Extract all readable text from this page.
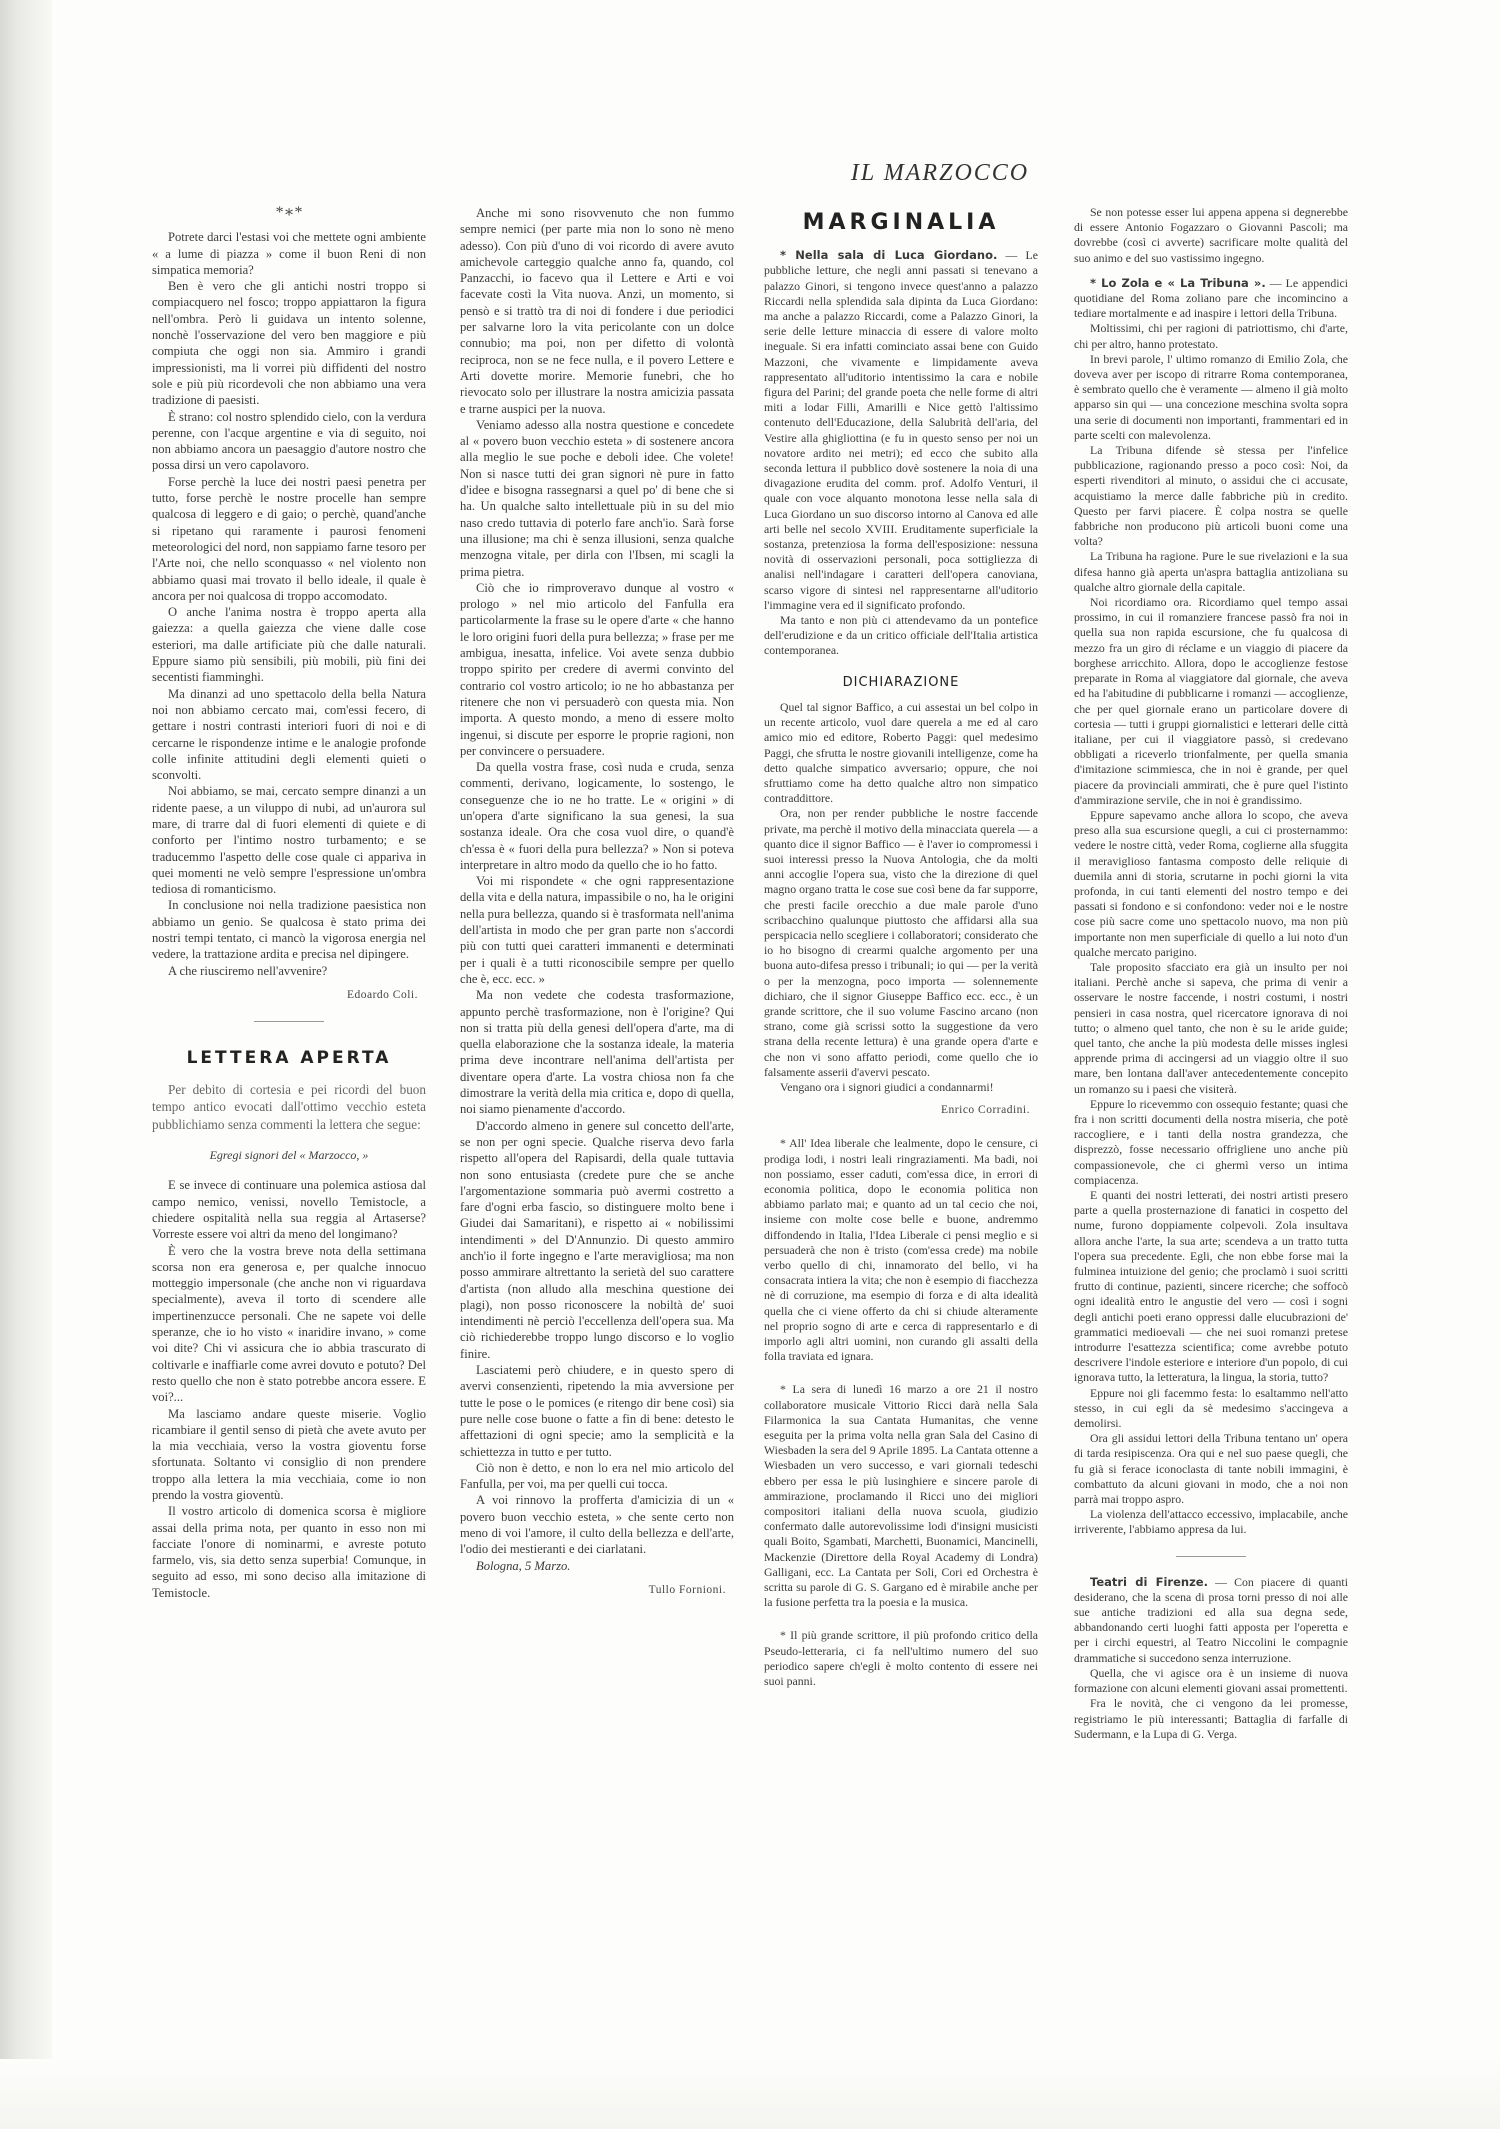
IL MARZOCCO
*∗*

Potrete darci l'estasi voi che mettete ogni ambiente « a lume di piazza » come il buon Reni di non simpatica memoria?

Ben è vero che gli antichi nostri troppo si compiacquero nel fosco; troppo appiattaron la figura nell'ombra. Però li guidava un intento solenne, nonchè l'osservazione del vero ben maggiore e più compiuta che oggi non sia. Ammiro i grandi impressionisti, ma li vorrei più diffidenti del nostro sole e più più ricordevoli che non abbiamo una vera tradizione di paesisti.

È strano: col nostro splendido cielo, con la verdura perenne, con l'acque argentine e via di seguito, noi non abbiamo ancora un paesaggio d'autore nostro che possa dirsi un vero capolavoro.

Forse perchè la luce dei nostri paesi penetra per tutto, forse perchè le nostre procelle han sempre qualcosa di leggero e di gaio; o perchè, quand'anche si ripetano qui raramente i paurosi fenomeni meteorologici del nord, non sappiamo farne tesoro per l'Arte noi, che nello sconquasso « nel violento non abbiamo quasi mai trovato il bello ideale, il quale è ancora per noi qualcosa di troppo accomodato.

O anche l'anima nostra è troppo aperta alla gaiezza: a quella gaiezza che viene dalle cose esteriori, ma dalle artificiate più che dalle naturali. Eppure siamo più sensibili, più mobili, più fini dei secentisti fiamminghi.

Ma dinanzi ad uno spettacolo della bella Natura noi non abbiamo cercato mai, com'essi fecero, di gettare i nostri contrasti interiori fuori di noi e di cercarne le rispondenze intime e le analogie profonde colle infinite attitudini degli elementi quieti o sconvolti.

Noi abbiamo, se mai, cercato sempre dinanzi a un ridente paese, a un viluppo di nubi, ad un'aurora sul mare, di trarre dal di fuori elementi di quiete e di conforto per l'intimo nostro turbamento; e se traducemmo l'aspetto delle cose quale ci appariva in quei momenti ne velò sempre l'espressione un'ombra tediosa di romanticismo.

In conclusione noi nella tradizione paesistica non abbiamo un genio. Se qualcosa è stato prima dei nostri tempi tentato, ci mancò la vigorosa energia nel vedere, la trattazione ardita e precisa nel dipingere.

A che riusciremo nell'avvenire?

Edoardo Coli.
LETTERA APERTA

Per debito di cortesia e pei ricordi del buon tempo antico evocati dall'ottimo vecchio esteta pubblichiamo senza commenti la lettera che segue:

Egregi signori del « Marzocco, »

E se invece di continuare una polemica astiosa dal campo nemico, venissi, novello Temistocle, a chiedere ospitalità nella sua reggia al Artaserse? Vorreste essere voi altri da meno del longimano?

È vero che la vostra breve nota della settimana scorsa non era generosa e, per qualche innocuo motteggio impersonale (che anche non vi riguardava specialmente), aveva il torto di scendere alle impertinenzucce personali. Che ne sapete voi delle speranze, che io ho visto « inaridire invano, » come voi dite? Chi vi assicura che io abbia trascurato di coltivarle e inaffiarle come avrei dovuto e potuto? Del resto quello che non è stato potrebbe ancora essere. E voi?...

Ma lasciamo andare queste miserie. Voglio ricambiare il gentil senso di pietà che avete avuto per la mia vecchiaia, verso la vostra gioventu forse sfortunata. Soltanto vi consiglio di non prendere troppo alla lettera la mia vecchiaia, come io non prendo la vostra gioventù.

Il vostro articolo di domenica scorsa è migliore assai della prima nota, per quanto in esso non mi facciate l'onore di nominarmi, e avreste potuto farmelo, vis, sia detto senza superbia! Comunque, in seguito ad esso, mi sono deciso alla imitazione di Temistocle.

Anche mi sono risovvenuto che non fummo sempre nemici (per parte mia non lo sono nè meno adesso). Con più d'uno di voi ricordo di avere avuto amichevole carteggio qualche anno fa, quando, col Panzacchi, io facevo qua il Lettere e Arti e voi facevate costì la Vita nuova. Anzi, un momento, si pensò e si trattò tra di noi di fondere i due periodici per salvarne loro la vita pericolante con un dolce connubio; ma poi, non per difetto di volontà reciproca, non se ne fece nulla, e il povero Lettere e Arti dovette morire. Memorie funebri, che ho rievocato solo per illustrare la nostra amicizia passata e trarne auspici per la nuova.

Veniamo adesso alla nostra questione e concedete al « povero buon vecchio esteta » di sostenere ancora alla meglio le sue poche e deboli idee. Che volete! Non si nasce tutti dei gran signori nè pure in fatto d'idee e bisogna rassegnarsi a quel po' di bene che si ha. Un qualche salto intellettuale più in su del mio naso credo tuttavia di poterlo fare anch'io. Sarà forse una illusione; ma chi è senza illusioni, senza qualche menzogna vitale, per dirla con l'Ibsen, mi scagli la prima pietra.

Ciò che io rimproveravo dunque al vostro « prologo » nel mio articolo del Fanfulla era particolarmente la frase su le opere d'arte « che hanno le loro origini fuori della pura bellezza; » frase per me ambigua, inesatta, infelice. Voi avete senza dubbio troppo spirito per credere di avermi convinto del contrario col vostro articolo; io ne ho abbastanza per ritenere che non vi persuaderò con questa mia. Non importa. A questo mondo, a meno di essere molto ingenui, si discute per esporre le proprie ragioni, non per convincere o persuadere.

Da quella vostra frase, così nuda e cruda, senza commenti, derivano, logicamente, lo sostengo, le conseguenze che io ne ho tratte. Le « origini » di un'opera d'arte significano la sua genesi, la sua sostanza ideale. Ora che cosa vuol dire, o quand'è ch'essa è « fuori della pura bellezza? » Non si poteva interpretare in altro modo da quello che io ho fatto.

Voi mi rispondete « che ogni rappresentazione della vita e della natura, impassibile o no, ha le origini nella pura bellezza, quando si è trasformata nell'anima dell'artista in modo che per gran parte non s'accordi più con tutti quei caratteri immanenti e determinati per i quali è a tutti riconoscibile sempre per quello che è, ecc. ecc. »

Ma non vedete che codesta trasformazione, appunto perchè trasformazione, non è l'origine? Qui non si tratta più della genesi dell'opera d'arte, ma di quella elaborazione che la sostanza ideale, la materia prima deve incontrare nell'anima dell'artista per diventare opera d'arte. La vostra chiosa non fa che dimostrare la verità della mia critica e, dopo di quella, noi siamo pienamente d'accordo.

D'accordo almeno in genere sul concetto dell'arte, se non per ogni specie. Qualche riserva devo farla rispetto all'opera del Rapisardi, della quale tuttavia non sono entusiasta (credete pure che se anche l'argomentazione sommaria può avermi costretto a fare d'ogni erba fascio, so distinguere molto bene i Giudei dai Samaritani), e rispetto ai « nobilissimi intendimenti » del D'Annunzio. Di questo ammiro anch'io il forte ingegno e l'arte meravigliosa; ma non posso ammirare altrettanto la serietà del suo carattere d'artista (non alludo alla meschina questione dei plagi), non posso riconoscere la nobiltà de' suoi intendimenti nè perciò l'eccellenza dell'opera sua. Ma ciò richiederebbe troppo lungo discorso e lo voglio finire.

Lasciatemi però chiudere, e in questo spero di avervi consenzienti, ripetendo la mia avversione per tutte le pose o le pomices (e ritengo dir bene così) sia pure nelle cose buone o fatte a fin di bene: detesto le affettazioni di ogni specie; amo la semplicità e la schiettezza in tutto e per tutto.

Ciò non è detto, e non lo era nel mio articolo del Fanfulla, per voi, ma per quelli cui tocca.

A voi rinnovo la profferta d'amicizia di un « povero buon vecchio esteta, » che sente certo non meno di voi l'amore, il culto della bellezza e dell'arte, l'odio dei mestieranti e dei ciarlatani.

Bologna, 5 Marzo.

Tullo Fornioni.
MARGINALIA

* Nella sala di Luca Giordano. — Le pubbliche letture, che negli anni passati si tenevano a palazzo Ginori, si tengono invece quest'anno a palazzo Riccardi nella splendida sala dipinta da Luca Giordano: ma anche a palazzo Riccardi, come a Palazzo Ginori, la serie delle letture minaccia di essere di valore molto ineguale. Si era infatti cominciato assai bene con Guido Mazzoni, che vivamente e limpidamente aveva rappresentato all'uditorio intentissimo la cara e nobile figura del Parini; del grande poeta che nelle forme di altri miti a lodar Filli, Amarilli e Nice gettò l'altissimo contenuto dell'Educazione, della Salubrità dell'aria, del Vestire alla ghigliottina (e fu in questo senso per noi un novatore ardito nei metri); ed ecco che subito alla seconda lettura il pubblico dovè sostenere la noia di una divagazione erudita del comm. prof. Adolfo Venturi, il quale con voce alquanto monotona lesse nella sala di Luca Giordano un suo discorso intorno al Canova ed alle arti belle nel secolo XVIII. Eruditamente superficiale la sostanza, pretenziosa la forma dell'esposizione: nessuna novità di osservazioni personali, poca sottigliezza di analisi nell'indagare i caratteri dell'opera canoviana, scarso vigore di sintesi nel rappresentarne all'uditorio l'immagine vera ed il significato profondo.

Ma tanto e non più ci attendevamo da un pontefice dell'erudizione e da un critico officiale dell'Italia artistica contemporanea.

DICHIARAZIONE

Quel tal signor Baffico, a cui assestai un bel colpo in un recente articolo, vuol dare querela a me ed al caro amico mio ed editore, Roberto Paggi: quel medesimo Paggi, che sfrutta le nostre giovanili intelligenze, come ha detto qualche simpatico avversario; oppure, che noi sfruttiamo come ha detto qualche altro non simpatico contraddittore.

Ora, non per render pubbliche le nostre faccende private, ma perchè il motivo della minacciata querela — a quanto dice il signor Baffico — è l'aver io compromessi i suoi interessi presso la Nuova Antologia, che da molti anni accoglie l'opera sua, visto che la direzione di quel magno organo tratta le cose sue così bene da far supporre, che presti facile orecchio a due male parole d'uno scribacchino qualunque piuttosto che affidarsi alla sua perspicacia nello scegliere i collaboratori; considerato che io ho bisogno di crearmi qualche argomento per una buona auto-difesa presso i tribunali; io qui — per la verità o per la menzogna, poco importa — solennemente dichiaro, che il signor Giuseppe Baffico ecc. ecc., è un grande scrittore, che il suo volume Fascino arcano (non strano, come già scrissi sotto la suggestione da vero strana della recente lettura) è una grande opera d'arte e che non vi sono affatto periodi, come quello che io falsamente asserii d'avervi pescato.

Vengano ora i signori giudici a condannarmi!

Enrico Corradini.

* All' Idea liberale che lealmente, dopo le censure, ci prodiga lodi, i nostri leali ringraziamenti. Ma badi, noi non possiamo, esser caduti, com'essa dice, in errori di economia politica, dopo le economia politica non abbiamo parlato mai; e quanto ad un tal cecio che noi, insieme con molte cose belle e buone, andremmo diffondendo in Italia, l'Idea Liberale ci pensi meglio e si persuaderà che non è tristo (com'essa crede) ma nobile verbo quello di chi, innamorato del bello, vi ha consacrata intiera la vita; che non è esempio di fiacchezza nè di corruzione, ma esempio di forza e di alta idealità quella che ci viene offerto da chi si chiude alteramente nel proprio sogno di arte e cerca di rappresentarlo e di imporlo agli altri uomini, non curando gli assalti della folla traviata ed ignara.

* La sera di lunedì 16 marzo a ore 21 il nostro collaboratore musicale Vittorio Ricci darà nella Sala Filarmonica la sua Cantata Humanitas, che venne eseguita per la prima volta nella gran Sala del Casino di Wiesbaden la sera del 9 Aprile 1895. La Cantata ottenne a Wiesbaden un vero successo, e vari giornali tedeschi ebbero per essa le più lusinghiere e sincere parole di ammirazione, proclamando il Ricci uno dei migliori compositori italiani della nuova scuola, giudizio confermato dalle autorevolissime lodi d'insigni musicisti quali Boito, Sgambati, Marchetti, Buonamici, Mancinelli, Mackenzie (Direttore della Royal Academy di Londra) Galligani, ecc. La Cantata per Soli, Cori ed Orchestra è scritta su parole di G. S. Gargano ed è mirabile anche per la fusione perfetta tra la poesia e la musica.

* Il più grande scrittore, il più profondo critico della Pseudo-letteraria, ci fa nell'ultimo numero del suo periodico sapere ch'egli è molto contento di essere nei suoi panni.

Se non potesse esser lui appena appena si degnerebbe di essere Antonio Fogazzaro o Giovanni Pascoli; ma dovrebbe (così ci avverte) sacrificare molte qualità del suo animo e del suo vastissimo ingegno.

* Lo Zola e « La Tribuna ». — Le appendici quotidiane del Roma zoliano pare che incomincino a tediare mortalmente e ad inaspire i lettori della Tribuna.

Moltissimi, chi per ragioni di patriottismo, chi d'arte, chi per altro, hanno protestato.

In brevi parole, l' ultimo romanzo di Emilio Zola, che doveva aver per iscopo di ritrarre Roma contemporanea, è sembrato quello che è veramente — almeno il già molto apparso sin qui — una concezione meschina svolta sopra una serie di documenti non importanti, frammentari ed in parte scelti con malevolenza.

La Tribuna difende sè stessa per l'infelice pubblicazione, ragionando presso a poco così: Noi, da esperti rivenditori al minuto, o assidui che ci accusate, acquistiamo la merce dalle fabbriche più in credito. Questo per farvi piacere. È colpa nostra se quelle fabbriche non producono più articoli buoni come una volta?

La Tribuna ha ragione. Pure le sue rivelazioni e la sua difesa hanno già aperta un'aspra battaglia antizoliana su qualche altro giornale della capitale.

Noi ricordiamo ora. Ricordiamo quel tempo assai prossimo, in cui il romanziere francese passò fra noi in quella sua non rapida escursione, che fu qualcosa di mezzo fra un giro di réclame e un viaggio di piacere da borghese arricchito. Allora, dopo le accoglienze festose preparate in Roma al viaggiatore dal giornale, che aveva ed ha l'abitudine di pubblicarne i romanzi — accoglienze, che per quel giornale erano un particolare dovere di cortesia — tutti i gruppi giornalistici e letterari delle città italiane, per cui il viaggiatore passò, si credevano obbligati a riceverlo trionfalmente, per quella smania d'imitazione scimmiesca, che in noi è grande, per quel piacere da provinciali ammirati, che è pure quel l'istinto d'ammirazione servile, che in noi è grandissimo.

Eppure sapevamo anche allora lo scopo, che aveva preso alla sua escursione quegli, a cui ci prosternammo: vedere le nostre città, veder Roma, coglierne alla sfuggita il meraviglioso fantasma composto delle reliquie di duemila anni di storia, scrutarne in pochi giorni la vita profonda, in cui tanti elementi del nostro tempo e dei passati si fondono e si confondono: veder noi e le nostre cose più sacre come uno spettacolo nuovo, ma non più importante non men superficiale di quello a lui noto d'un qualche mercato parigino.

Tale proposito sfacciato era già un insulto per noi italiani. Perchè anche si sapeva, che prima di venir a osservare le nostre faccende, i nostri costumi, i nostri pensieri in casa nostra, quel ricercatore ignorava di noi tutto; o almeno quel tanto, che non è su le aride guide; quel tanto, che anche la più modesta delle misses inglesi apprende prima di accingersi ad un viaggio oltre il suo mare, ben lontana dall'aver antecedentemente concepito un romanzo su i paesi che visiterà.

Eppure lo ricevemmo con ossequio festante; quasi che fra i non scritti documenti della nostra miseria, che potè raccogliere, e i tanti della nostra grandezza, che disprezzò, fosse necessario offrigliene uno anche più compassionevole, che ci ghermì verso un intima compiacenza.

E quanti dei nostri letterati, dei nostri artisti presero parte a quella prosternazione di fanatici in cospetto del nume, furono doppiamente colpevoli. Zola insultava allora anche l'arte, la sua arte; scendeva a un tratto tutta l'opera sua precedente. Egli, che non ebbe forse mai la fulminea intuizione del genio; che proclamò i suoi scritti frutto di continue, pazienti, sincere ricerche; che soffocò ogni idealità entro le angustie del vero — così i sogni degli antichi poeti erano oppressi dalle elucubrazioni de' grammatici medioevali — che nei suoi romanzi pretese introdurre l'esattezza scientifica; come avrebbe potuto descrivere l'indole esteriore e interiore d'un popolo, di cui ignorava tutto, la letteratura, la lingua, la storia, tutto?

Eppure noi gli facemmo festa: lo esaltammo nell'atto stesso, in cui egli da sè medesimo s'accingeva a demolirsi.

Ora gli assidui lettori della Tribuna tentano un' opera di tarda resipiscenza. Ora qui e nel suo paese quegli, che fu già si ferace iconoclasta di tante nobili immagini, è combattuto da alcuni giovani in modo, che a noi non parrà mai troppo aspro.

La violenza dell'attacco eccessivo, implacabile, anche irriverente, l'abbiamo appresa da lui.

Teatri di Firenze. — Con piacere di quanti desiderano, che la scena di prosa torni presso di noi alle sue antiche tradizioni ed alla sua degna sede, abbandonando certi luoghi fatti apposta per l'operetta e per i circhi equestri, al Teatro Niccolini le compagnie drammatiche si succedono senza interruzione.

Quella, che vi agisce ora è un insieme di nuova formazione con alcuni elementi giovani assai promettenti.

Fra le novità, che ci vengono da lei promesse, registriamo le più interessanti; Battaglia di farfalle di Sudermann, e la Lupa di G. Verga.
